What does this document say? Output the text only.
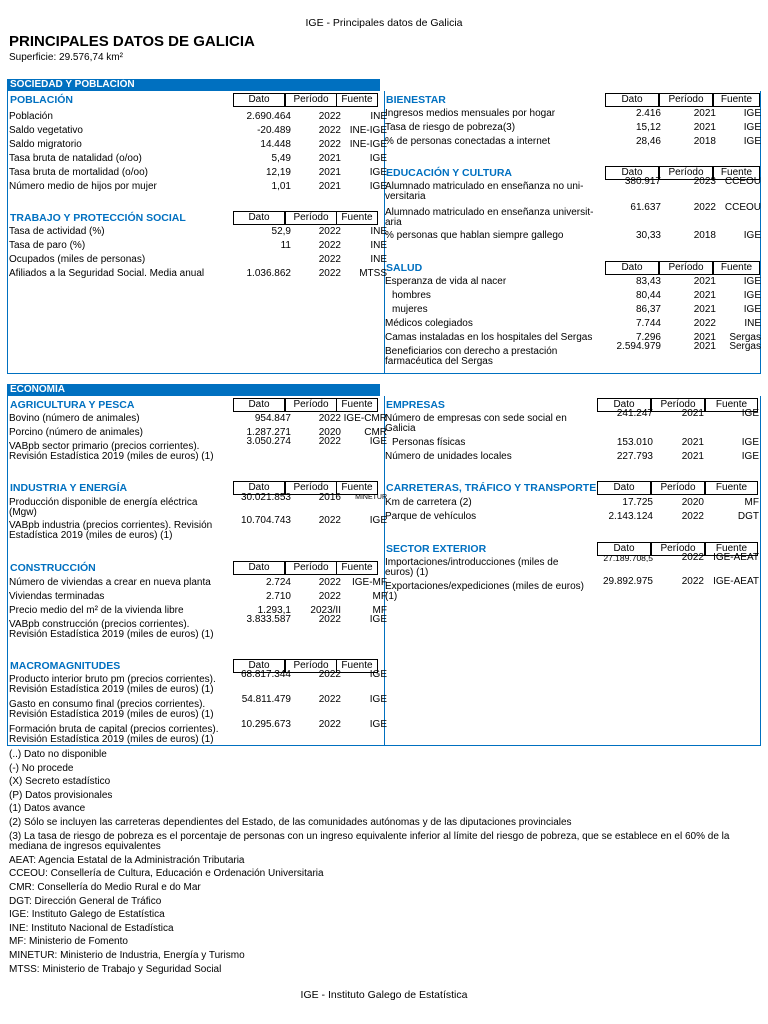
IGE - Principales datos de Galicia
PRINCIPALES DATOS DE GALICIA
Superficie: 29.576,74 km²
SOCIEDAD Y POBLACIÓN
ECONOMÍA
POBLACIÓN	Dato	Período	Fuente
Población	2.690.464	2022	INE
Saldo vegetativo	-20.489	2022 INE-IGE
Saldo migratorio	14.448	2022 INE-IGE
Tasa bruta de natalidad (o/oo)	5,49	2021	IGE
Tasa bruta de mortalidad (o/oo)	12,19	2021	IGE
Número medio de hijos por mujer	1,01	2021	IGE
TRABAJO Y PROTECCIÓN SOCIAL	Dato	Período	Fuente
Tasa de actividad (%)	52,9	2022	INE
Tasa de paro (%)	11	2022	INE
Ocupados (miles de personas)	2022	INE
Afiliados a la Seguridad Social. Media anual	1.036.862	2022	MTSS
BIENESTAR	Dato	Período	Fuente
Ingresos medios mensuales por hogar	2.416	2021	IGE
Tasa de riesgo de pobreza(3)	15,12	2021	IGE
% de personas conectadas a internet	28,46	2018	IGE
EDUCACIÓN Y CULTURA	Dato	Período	Fuente
Alumnado matriculado en enseñanza no uni-
versitaria
380.917	2023 CCEOU
Alumnado matriculado en enseñanza universit-
aria
61.637	2022 CCEOU
% personas que hablan siempre gallego	30,33	2018	IGE
SALUD	Dato	Período	Fuente
Esperanza de vida al nacer	83,43	2021	IGE
hombres	80,44	2021	IGE
mujeres	86,37	2021	IGE
Médicos colegiados	7.744	2022	INE
Camas instaladas en los hospitales del Sergas	7.296	2021	Sergas
Beneficiarios con derecho a prestación
farmacéutica del Sergas
2.594.979	2021	Sergas
AGRICULTURA Y PESCA	Dato	Período	Fuente
Bovino (número de animales)	954.847	2022 IGE-CMR
Porcino (número de animales)	1.287.271	2020	CMR
VABpb sector primario (precios corrientes).
Revisión Estadística 2019 (miles de euros) (1)
3.050.274	2022	IGE
INDUSTRIA Y ENERGÍA	Dato	Período	Fuente
Producción disponible de energía eléctrica
(Mgw)
30.021.853	2016	MINETUR
VABpb industria (precios corrientes). Revisión
Estadística 2019 (miles de euros) (1)
10.704.743	2022	IGE
CONSTRUCCIÓN	Dato	Período	Fuente
Número de viviendas a crear en nueva planta	2.724	2022	IGE-MF
Viviendas terminadas	2.710	2022	MF
Precio medio del m² de la vivienda libre	1.293,1	2023/II	MF
VABpb construcción (precios corrientes).
Revisión Estadística 2019 (miles de euros) (1)
3.833.587	2022	IGE
MACROMAGNITUDES	Dato	Período	Fuente
Producto interior bruto pm (precios corrientes).
Revisión Estadística 2019 (miles de euros) (1)
68.817.344	2022	IGE
Gasto en consumo final (precios corrientes).
Revisión Estadística 2019 (miles de euros) (1)
54.811.479	2022	IGE
Formación bruta de capital (precios corrientes).
Revisión Estadística 2019 (miles de euros) (1)
10.295.673	2022	IGE
EMPRESAS	Dato	Período	Fuente
Número de empresas con sede social en
Galicia
241.247	2021	IGE
Personas físicas	153.010	2021	IGE
Número de unidades locales	227.793	2021	IGE
CARRETERAS, TRÁFICO Y TRANSPORTE	Dato	Período	Fuente
Km de carretera (2)	17.725	2020	MF
Parque de vehículos	2.143.124	2022	DGT
SECTOR EXTERIOR	Dato	Período	Fuente
Importaciones/introducciones (miles de
euros) (1)
27.189.708,5	2022 IGE-AEAT
Exportaciones/expediciones (miles de euros)
(1)
29.892.975	2022 IGE-AEAT
(..) Dato no disponible
(-) No procede
(X) Secreto estadístico
(P) Datos provisionales
(1) Datos avance
(2) Sólo se incluyen las carreteras dependientes del Estado, de las comunidades autónomas y de las diputaciones provinciales
(3) La tasa de riesgo de pobreza es el porcentaje de personas con un ingreso equivalente inferior al límite del riesgo de pobreza, que se establece en el 60% de la
mediana de ingresos equivalentes
AEAT: Agencia Estatal de la Administración Tributaria
CCEOU: Consellería de Cultura, Educación e Ordenación Universitaria
CMR: Consellería do Medio Rural e do Mar
DGT: Dirección General de Tráfico
IGE: Instituto Galego de Estatística
INE: Instituto Nacional de Estadística
MF: Ministerio de Fomento
MINETUR: Ministerio de Industria, Energía y Turismo
MTSS: Ministerio de Trabajo y Seguridad Social
IGE - Instituto Galego de Estatística
